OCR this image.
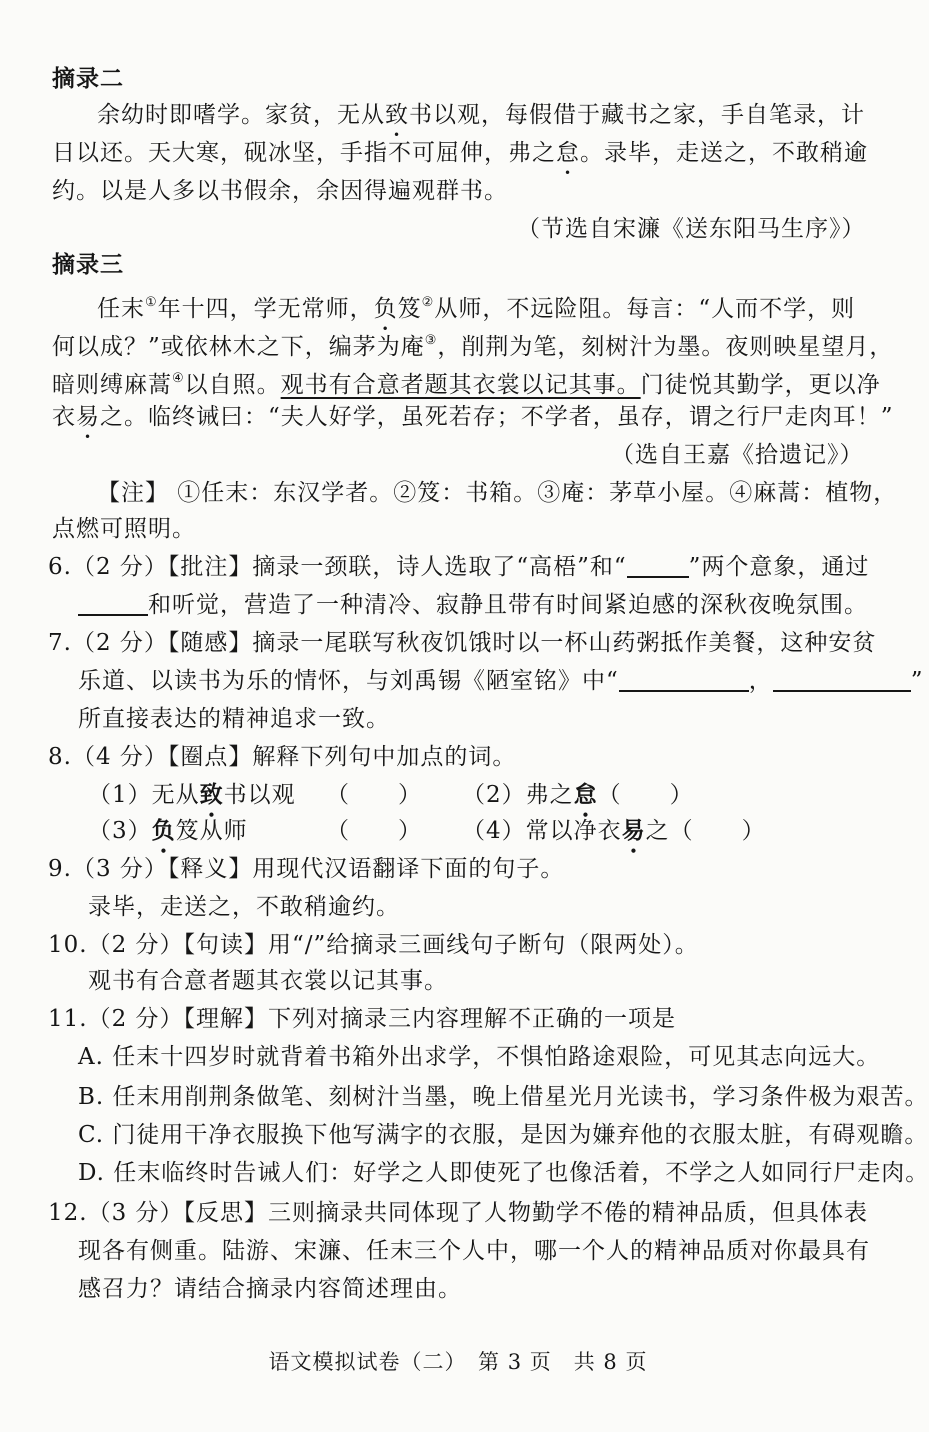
摘录二
余幼时即嗜学。家贫，无从致书以观，每假借于藏书之家，手自笔录，计
日以还。天大寒，砚冰坚，手指不可屈伸，弗之怠。录毕，走送之，不敢稍逾
约。以是人多以书假余，余因得遍观群书。
（节选自宋濂《送东阳马生序》）
摘录三
任末①年十四，学无常师，负笈②从师，不远险阻。每言：“人而不学，则
何以成？”或依林木之下，编茅为庵③，削荆为笔，刻树汁为墨。夜则映星望月，
暗则缚麻蒿④以自照。观书有合意者题其衣裳以记其事。门徒悦其勤学，更以净
衣易之。临终诫曰：“夫人好学，虽死若存；不学者，虽存，谓之行尸走肉耳！”
（选自王嘉《拾遗记》）
【注】 ①任末：东汉学者。②笈：书箱。③庵：茅草小屋。④麻蒿：植物，
点燃可照明。
6.（2 分）【批注】摘录一颈联，诗人选取了“高梧”和“	”两个意象，通过
和听觉，营造了一种清冷、寂静且带有时间紧迫感的深秋夜晚氛围。
7.（2 分）【随感】摘录一尾联写秋夜饥饿时以一杯山药粥抵作美餐，这种安贫
乐道、以读书为乐的情怀，与刘禹锡《陋室铭》中“	，	”
所直接表达的精神追求一致。
8.（4 分）【圈点】解释下列句中加点的词。
（1）无从致书以观 （　　） （2）弗之怠（　　）
（3）负笈从师	（　　） （4）常以净衣易之（　　）
9.（3 分）【释义】用现代汉语翻译下面的句子。
录毕，走送之，不敢稍逾约。
10.（2 分）【句读】用“/”给摘录三画线句子断句（限两处）。
观书有合意者题其衣裳以记其事。
11.（2 分）【理解】下列对摘录三内容理解不正确的一项是
A. 任末十四岁时就背着书箱外出求学，不惧怕路途艰险，可见其志向远大。
B. 任末用削荆条做笔、刻树汁当墨，晚上借星光月光读书，学习条件极为艰苦。
C. 门徒用干净衣服换下他写满字的衣服，是因为嫌弃他的衣服太脏，有碍观瞻。
D. 任末临终时告诫人们：好学之人即使死了也像活着，不学之人如同行尸走肉。
12.（3 分）【反思】三则摘录共同体现了人物勤学不倦的精神品质，但具体表
现各有侧重。陆游、宋濂、任末三个人中，哪一个人的精神品质对你最具有
感召力？请结合摘录内容简述理由。
语文模拟试卷（二）　第 3 页　共 8 页
